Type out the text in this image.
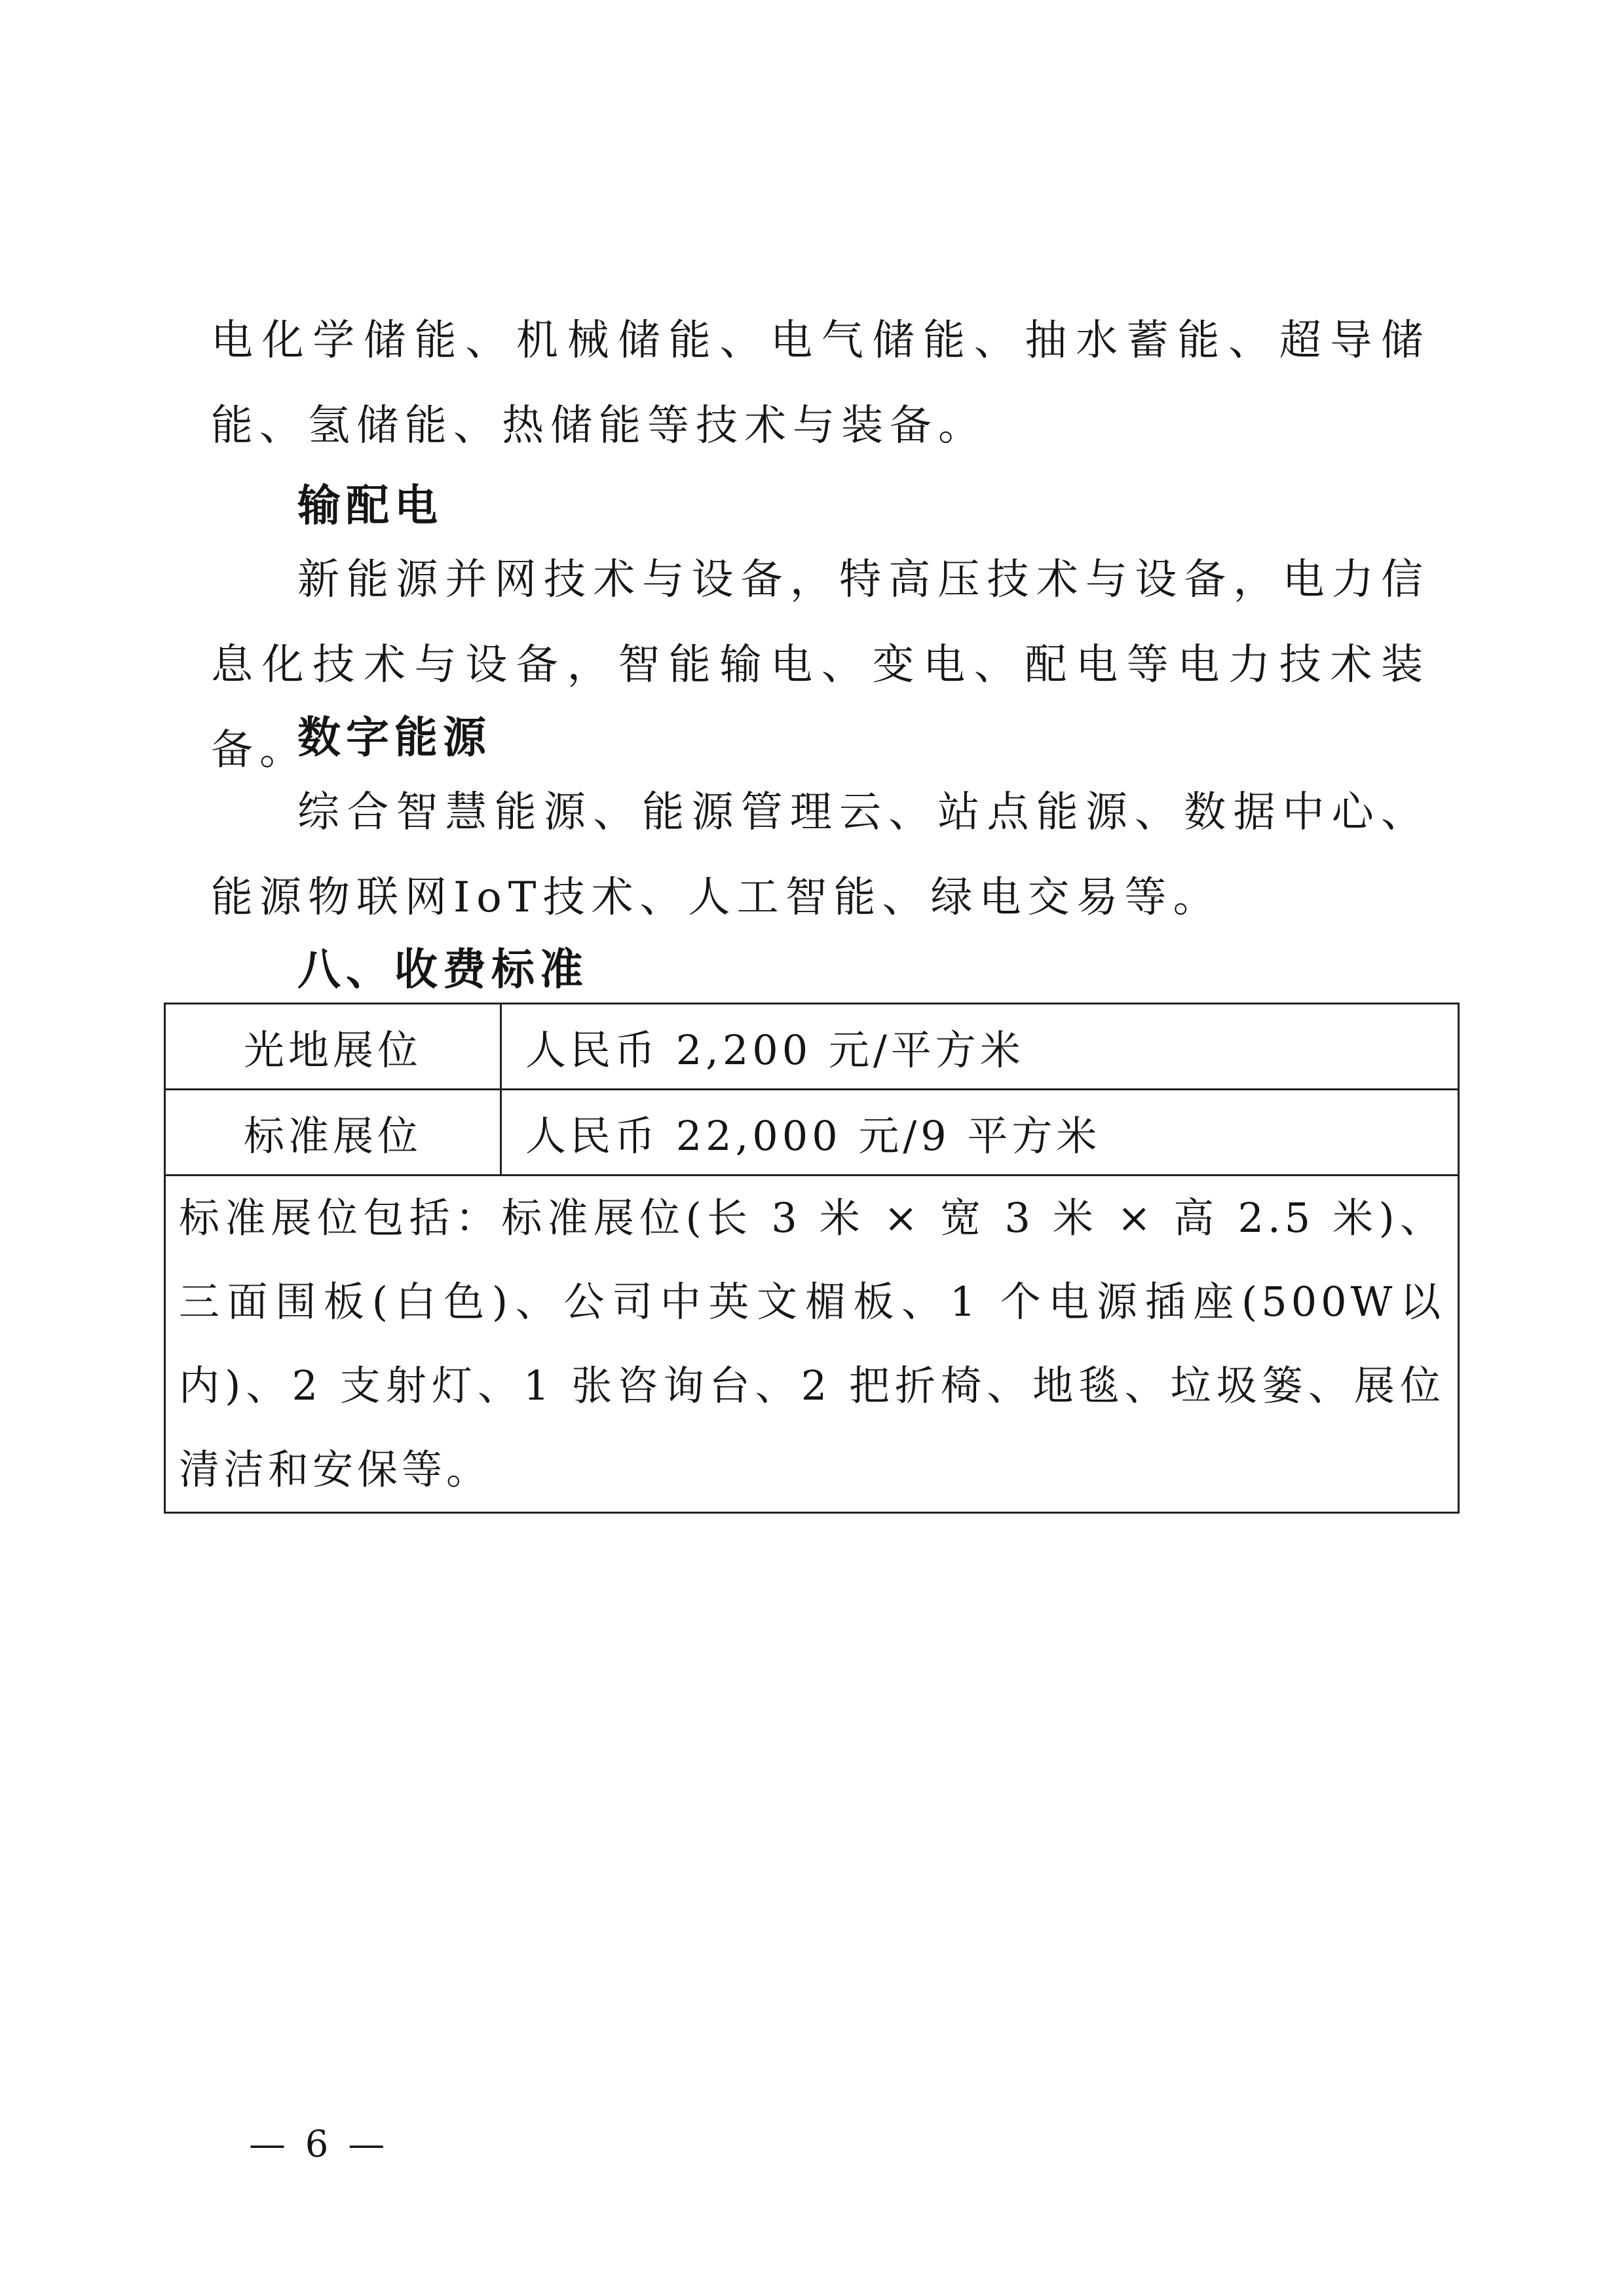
电化学储能、机械储能、电气储能、抽水蓄能、超导储能、氢储能、热储能等技术与装备。

输配电

新能源并网技术与设备，特高压技术与设备，电力信息化技术与设备，智能输电、变电、配电等电力技术装备。

数字能源

综合智慧能源、能源管理云、站点能源、数据中心、能源物联网IoT技术、人工智能、绿电交易等。

八、收费标准
光地展位	人民币 2,200 元/平方米
标准展位	人民币 22,000 元/9 平方米
标准展位包括：标准展位(长 3 米 × 宽 3 米 × 高 2.5 米)、三面围板(白色)、公司中英文楣板、1 个电源插座(500W以内)、2 支射灯、1 张咨询台、2 把折椅、地毯、垃圾篓、展位清洁和安保等。	

— 6 —
